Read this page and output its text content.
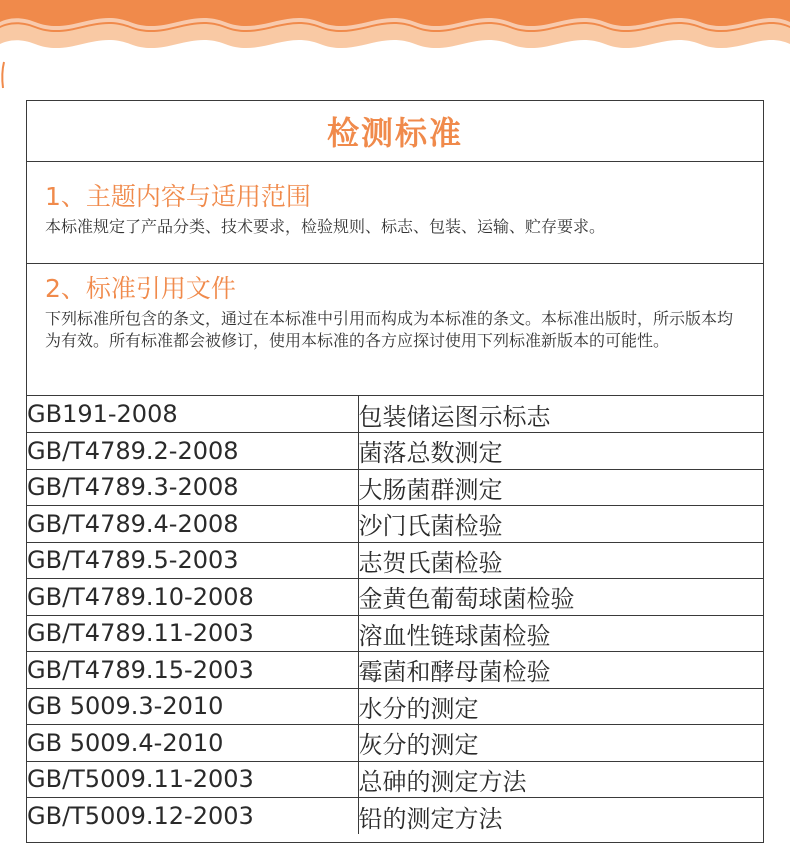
检测标准
1、主题内容与适用范围
本标准规定了产品分类、技术要求，检验规则、标志、包装、运输、贮存要求。
2、标准引用文件
下列标准所包含的条文，通过在本标准中引用而构成为本标准的条文。本标准出版时，所示版本均为有效。所有标准都会被修订，使用本标准的各方应探讨使用下列标准新版本的可能性。
GB191-2008	包装储运图示标志
GB/T4789.2-2008	菌落总数测定
GB/T4789.3-2008	大肠菌群测定
GB/T4789.4-2008	沙门氏菌检验
GB/T4789.5-2003	志贺氏菌检验
GB/T4789.10-2008	金黄色葡萄球菌检验
GB/T4789.11-2003	溶血性链球菌检验
GB/T4789.15-2003	霉菌和酵母菌检验
GB 5009.3-2010	水分的测定
GB 5009.4-2010	灰分的测定
GB/T5009.11-2003	总砷的测定方法
GB/T5009.12-2003	铅的测定方法
